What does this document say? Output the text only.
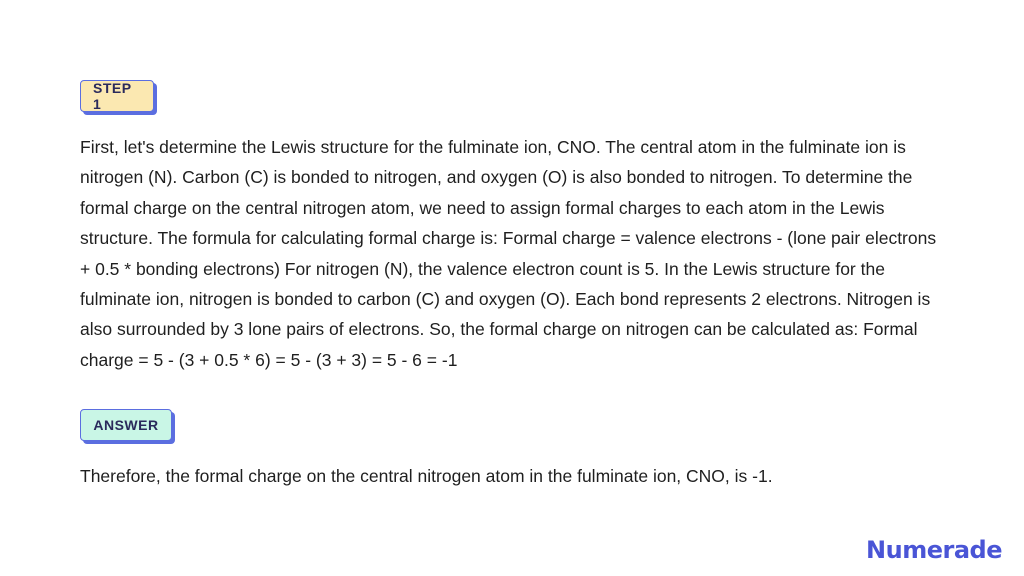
STEP 1
First, let's determine the Lewis structure for the fulminate ion, CNO. The central atom in the fulminate ion is nitrogen (N). Carbon (C) is bonded to nitrogen, and oxygen (O) is also bonded to nitrogen. To determine the formal charge on the central nitrogen atom, we need to assign formal charges to each atom in the Lewis structure. The formula for calculating formal charge is: Formal charge = valence electrons - (lone pair electrons + 0.5 * bonding electrons) For nitrogen (N), the valence electron count is 5. In the Lewis structure for the fulminate ion, nitrogen is bonded to carbon (C) and oxygen (O). Each bond represents 2 electrons. Nitrogen is also surrounded by 3 lone pairs of electrons. So, the formal charge on nitrogen can be calculated as: Formal charge = 5 - (3 + 0.5 * 6) = 5 - (3 + 3) = 5 - 6 = -1
ANSWER
Therefore, the formal charge on the central nitrogen atom in the fulminate ion, CNO, is -1.
Numerade
